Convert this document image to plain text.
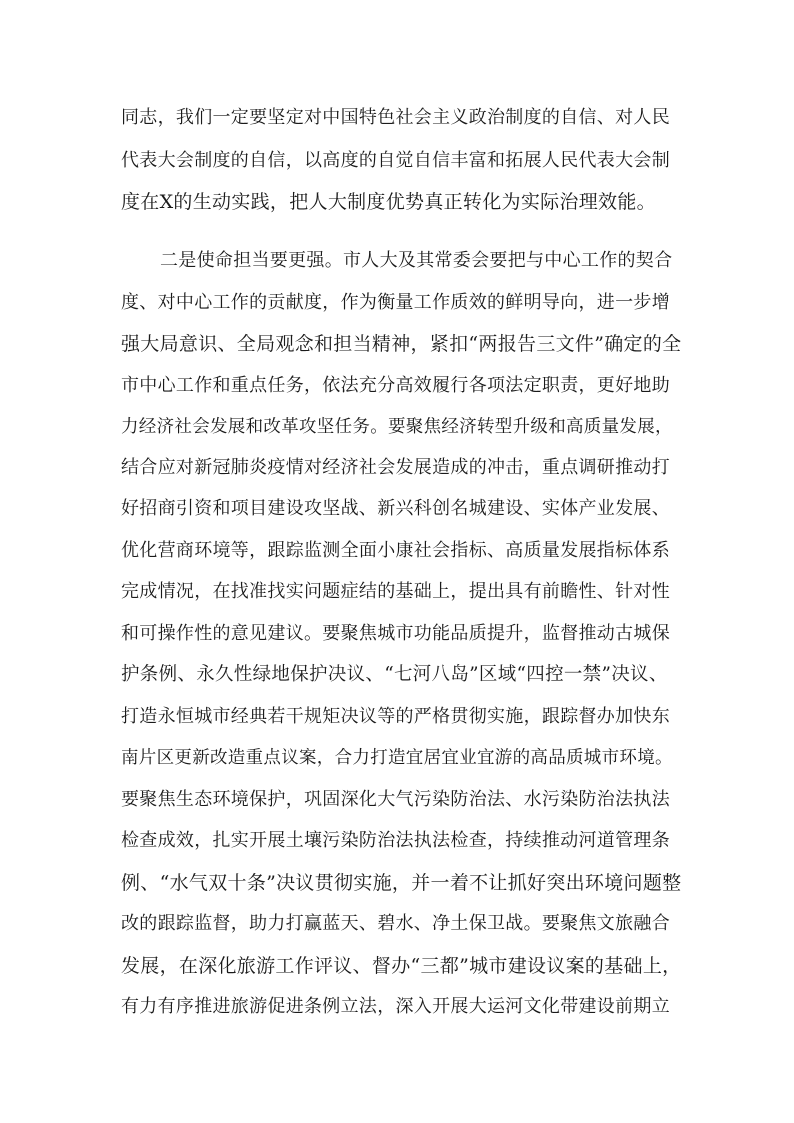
同志，我们一定要坚定对中国特色社会主义政治制度的自信、对人民
代表大会制度的自信，以高度的自觉自信丰富和拓展人民代表大会制
度在X的生动实践，把人大制度优势真正转化为实际治理效能。
二是使命担当要更强。市人大及其常委会要把与中心工作的契合
度、对中心工作的贡献度，作为衡量工作质效的鲜明导向，进一步增
强大局意识、全局观念和担当精神，紧扣“两报告三文件”确定的全
市中心工作和重点任务，依法充分高效履行各项法定职责，更好地助
力经济社会发展和改革攻坚任务。要聚焦经济转型升级和高质量发展，
结合应对新冠肺炎疫情对经济社会发展造成的冲击，重点调研推动打
好招商引资和项目建设攻坚战、新兴科创名城建设、实体产业发展、
优化营商环境等，跟踪监测全面小康社会指标、高质量发展指标体系
完成情况，在找准找实问题症结的基础上，提出具有前瞻性、针对性
和可操作性的意见建议。要聚焦城市功能品质提升，监督推动古城保
护条例、永久性绿地保护决议、“七河八岛”区域“四控一禁”决议、
打造永恒城市经典若干规矩决议等的严格贯彻实施，跟踪督办加快东
南片区更新改造重点议案，合力打造宜居宜业宜游的高品质城市环境。
要聚焦生态环境保护，巩固深化大气污染防治法、水污染防治法执法
检查成效，扎实开展土壤污染防治法执法检查，持续推动河道管理条
例、“水气双十条”决议贯彻实施，并一着不让抓好突出环境问题整
改的跟踪监督，助力打赢蓝天、碧水、净土保卫战。要聚焦文旅融合
发展，在深化旅游工作评议、督办“三都”城市建设议案的基础上，
有力有序推进旅游促进条例立法，深入开展大运河文化带建设前期立
